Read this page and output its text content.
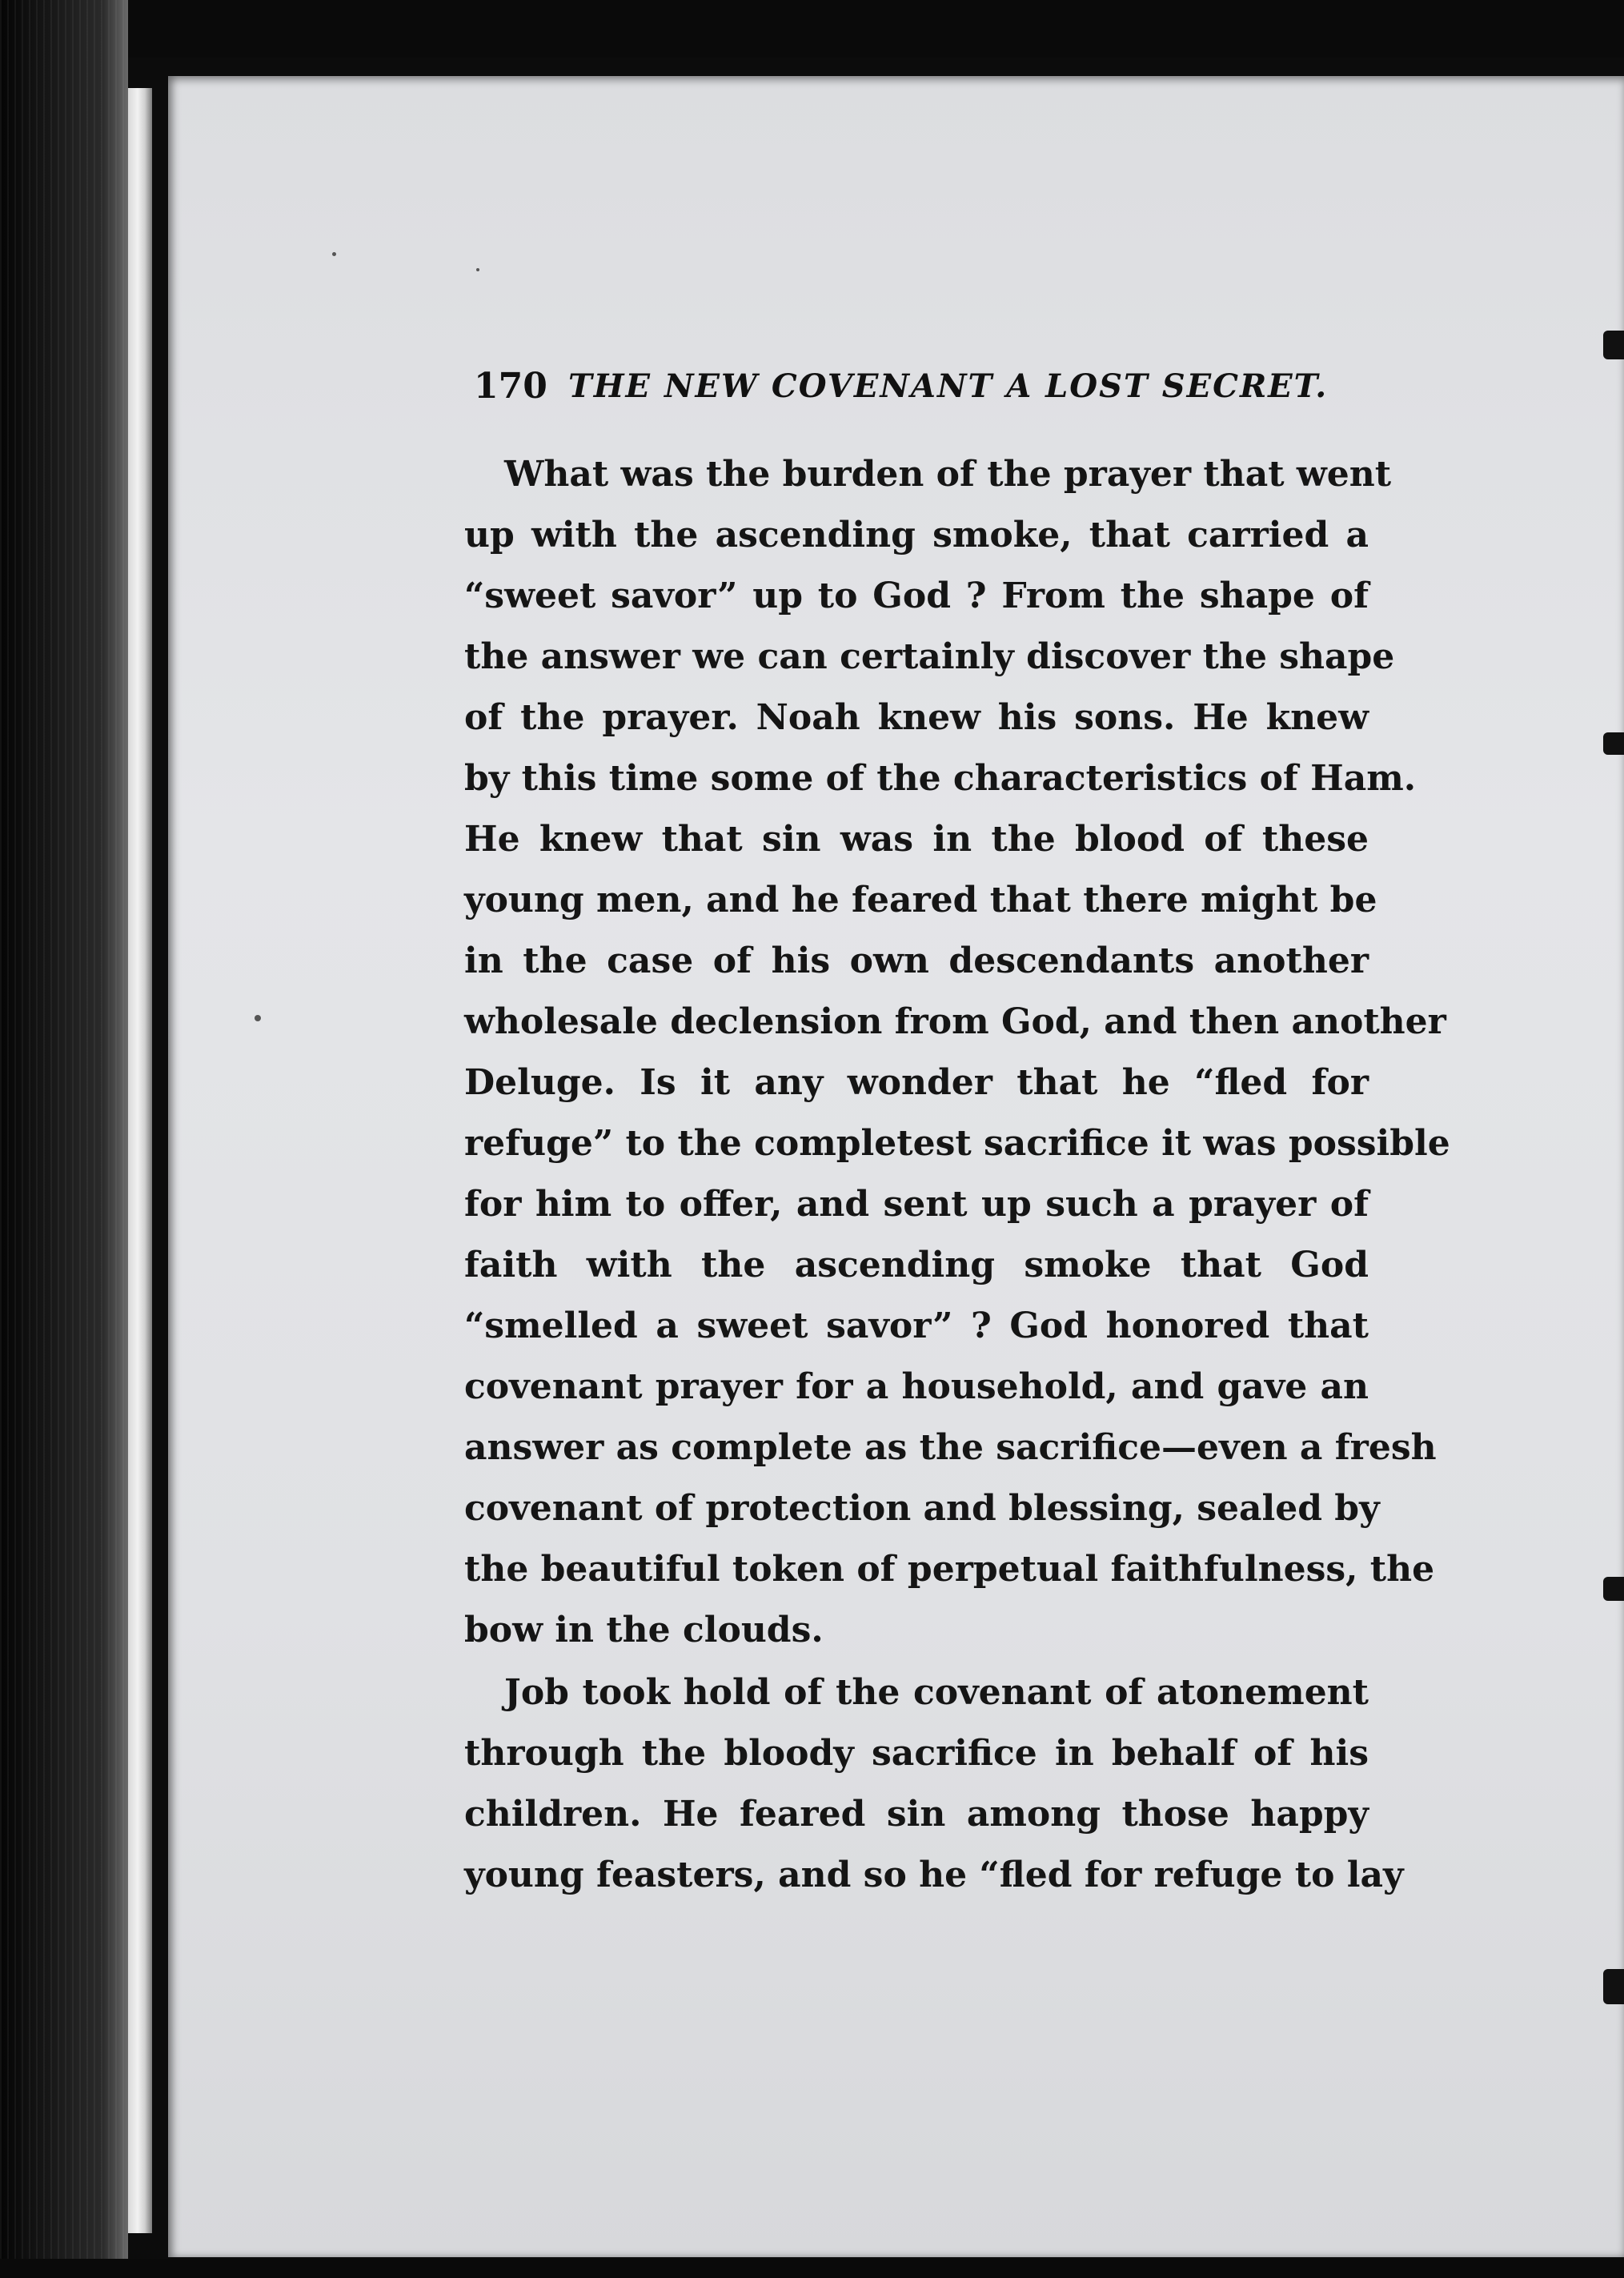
170 THE NEW COVENANT A LOST SECRET.
What was the burden of the prayer that went
up with the ascending smoke, that carried a
“sweet savor” up to God ? From the shape of
the answer we can certainly discover the shape
of the prayer. Noah knew his sons. He knew
by this time some of the characteristics of Ham.
He knew that sin was in the blood of these
young men, and he feared that there might be
in the case of his own descendants another
wholesale declension from God, and then another
Deluge. Is it any wonder that he “fled for
refuge” to the completest sacrifice it was possible
for him to offer, and sent up such a prayer of
faith with the ascending smoke that God
“smelled a sweet savor” ? God honored that
covenant prayer for a household, and gave an
answer as complete as the sacrifice—even a fresh
covenant of protection and blessing, sealed by
the beautiful token of perpetual faithfulness, the
bow in the clouds.
Job took hold of the covenant of atonement
through the bloody sacrifice in behalf of his
children. He feared sin among those happy
young feasters, and so he “fled for refuge to lay
